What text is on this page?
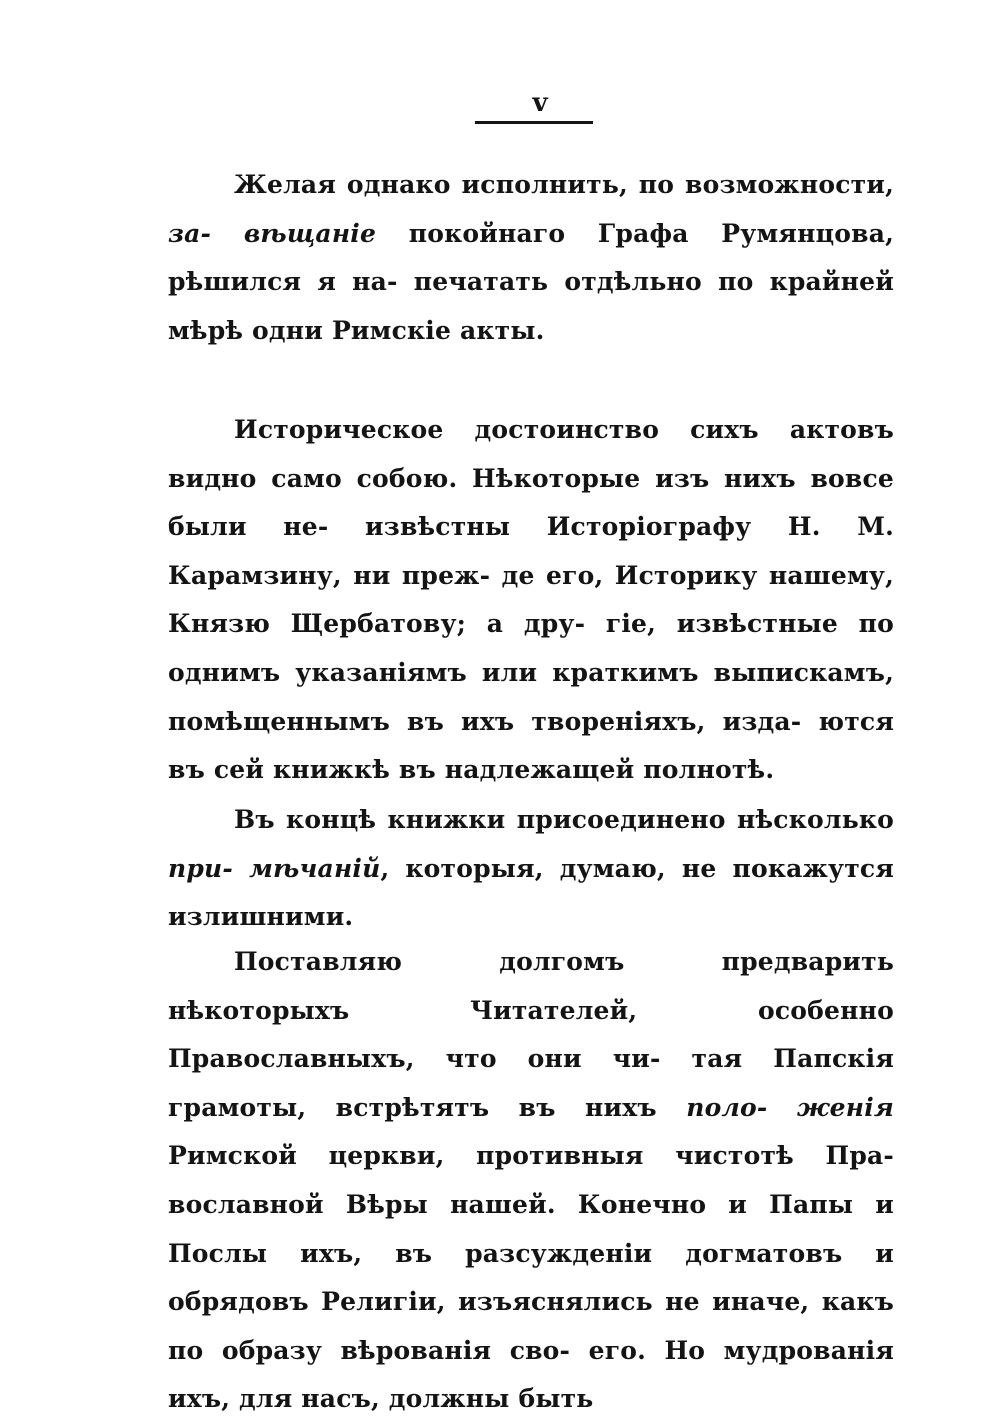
v

Желая однако исполнить, по возможности, за- вѣщаніе покойнаго Графа Румянцова, рѣшился я на- печатать отдѣльно по крайней мѣрѣ одни Римскіе акты.

Историческое достоинство сихъ актовъ видно само собою. Нѣкоторые изъ нихъ вовсе были не- извѣстны Исторіографу Н. М. Карамзину, ни преж- де его, Историку нашему, Князю Щербатову; а дру- гіе, извѣстные по однимъ указаніямъ или краткимъ выпискамъ, помѣщеннымъ въ ихъ твореніяхъ, изда- ются въ сей книжкѣ въ надлежащей полнотѣ.

Въ концѣ книжки присоединено нѣсколько при- мѣчаній, которыя, думаю, не покажутся излишними.

Поставляю долгомъ предварить нѣкоторыхъ	Читателей, особенно Православныхъ, что они чи- тая Папскія грамоты, встрѣтятъ въ нихъ поло- женія Римской церкви, противныя чистотѣ Пра- вославной Вѣры нашей. Конечно и Папы и Послы ихъ, въ разсужденіи догматовъ и обрядовъ Религіи, изъяснялись не иначе, какъ по образу вѣрованія сво- его. Но мудрованія ихъ, для насъ, должны быть
